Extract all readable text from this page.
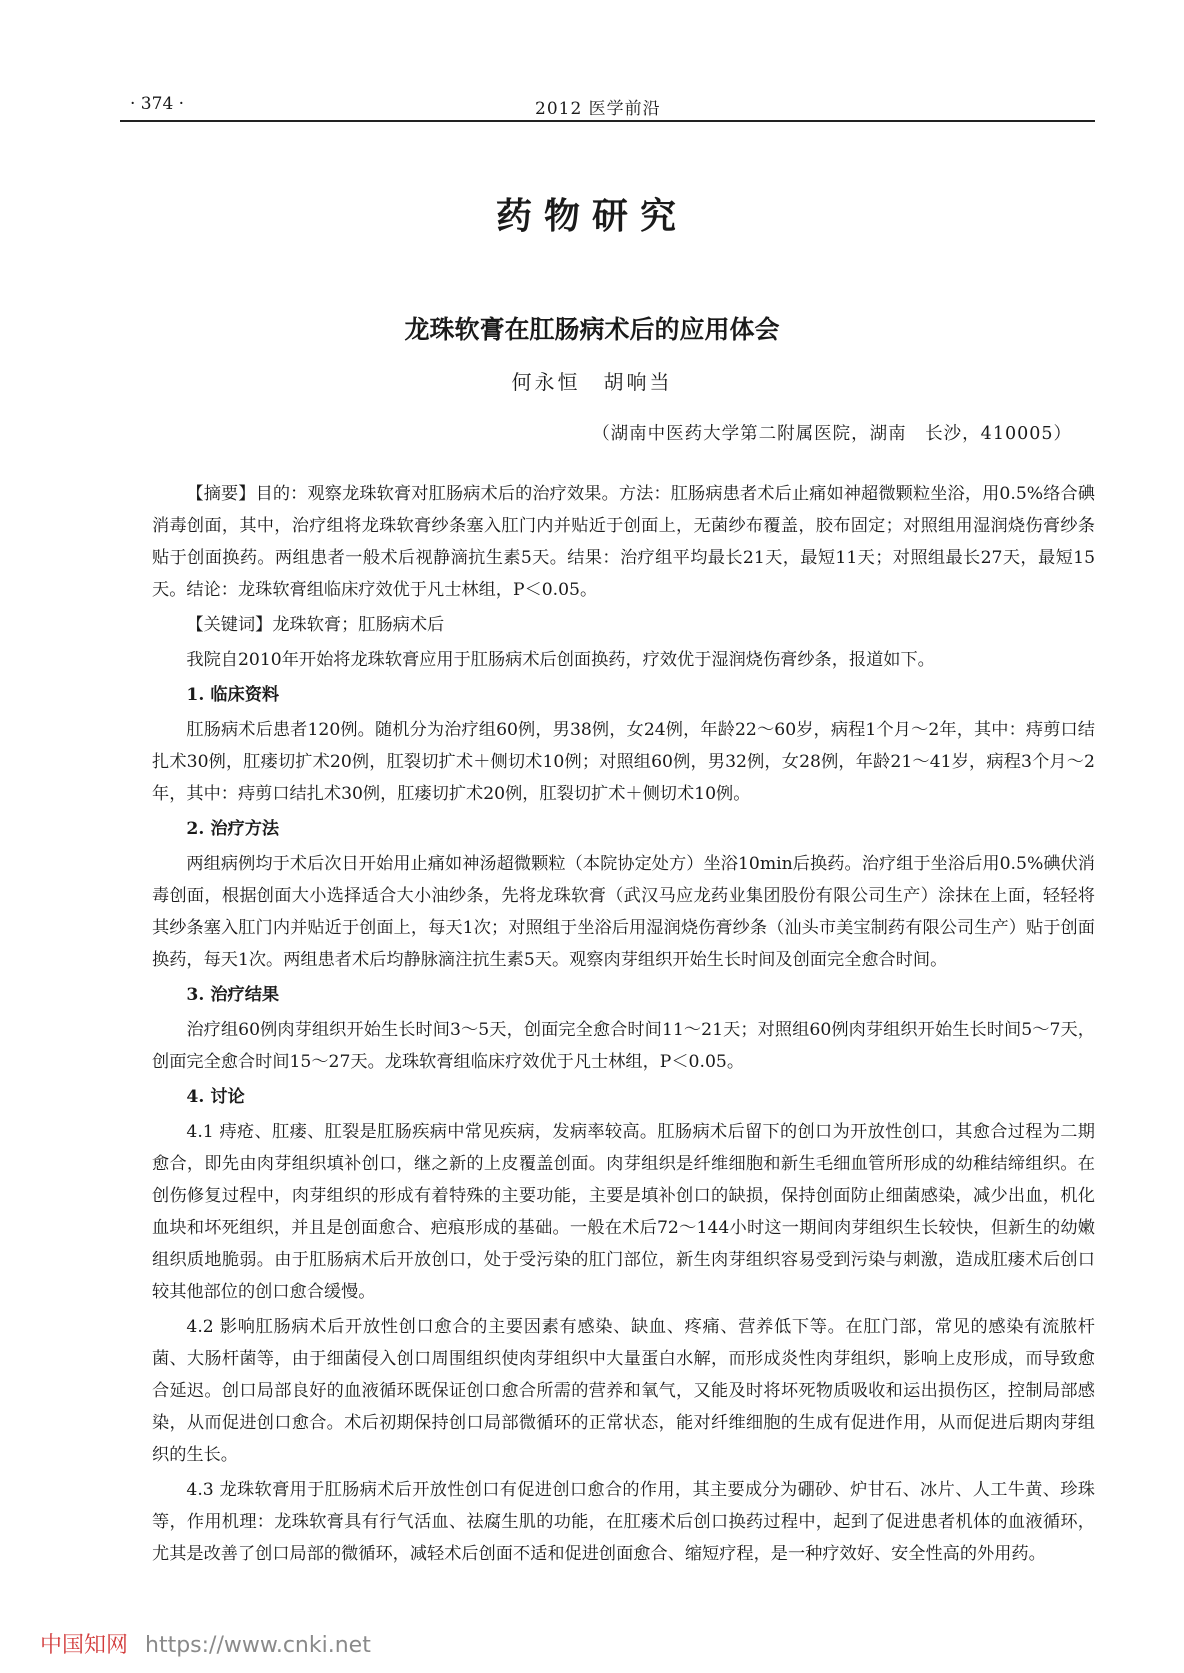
· 374 ·	2012 医学前沿
药物研究
龙珠软膏在肛肠病术后的应用体会
何永恒　胡响当
（湖南中医药大学第二附属医院，湖南　长沙，410005）

【摘要】目的：观察龙珠软膏对肛肠病术后的治疗效果。方法：肛肠病患者术后止痛如神超微颗粒坐浴，用0.5%络合碘消毒创面，其中，治疗组将龙珠软膏纱条塞入肛门内并贴近于创面上，无菌纱布覆盖，胶布固定；对照组用湿润烧伤膏纱条贴于创面换药。两组患者一般术后视静滴抗生素5天。结果：治疗组平均最长21天，最短11天；对照组最长27天，最短15天。结论：龙珠软膏组临床疗效优于凡士林组，P＜0.05。

【关键词】龙珠软膏；肛肠病术后

我院自2010年开始将龙珠软膏应用于肛肠病术后创面换药，疗效优于湿润烧伤膏纱条，报道如下。

1. 临床资料

肛肠病术后患者120例。随机分为治疗组60例，男38例，女24例，年龄22～60岁，病程1个月～2年，其中：痔剪口结扎术30例，肛瘘切扩术20例，肛裂切扩术＋侧切术10例；对照组60例，男32例，女28例，年龄21～41岁，病程3个月～2年，其中：痔剪口结扎术30例，肛瘘切扩术20例，肛裂切扩术＋侧切术10例。

2. 治疗方法

两组病例均于术后次日开始用止痛如神汤超微颗粒（本院协定处方）坐浴10min后换药。治疗组于坐浴后用0.5%碘伏消毒创面，根据创面大小选择适合大小油纱条，先将龙珠软膏（武汉马应龙药业集团股份有限公司生产）涂抹在上面，轻轻将其纱条塞入肛门内并贴近于创面上，每天1次；对照组于坐浴后用湿润烧伤膏纱条（汕头市美宝制药有限公司生产）贴于创面换药，每天1次。两组患者术后均静脉滴注抗生素5天。观察肉芽组织开始生长时间及创面完全愈合时间。

3. 治疗结果

治疗组60例肉芽组织开始生长时间3～5天，创面完全愈合时间11～21天；对照组60例肉芽组织开始生长时间5～7天，创面完全愈合时间15～27天。龙珠软膏组临床疗效优于凡士林组，P＜0.05。

4. 讨论

4.1 痔疮、肛瘘、肛裂是肛肠疾病中常见疾病，发病率较高。肛肠病术后留下的创口为开放性创口，其愈合过程为二期愈合，即先由肉芽组织填补创口，继之新的上皮覆盖创面。肉芽组织是纤维细胞和新生毛细血管所形成的幼稚结缔组织。在创伤修复过程中，肉芽组织的形成有着特殊的主要功能，主要是填补创口的缺损，保持创面防止细菌感染，减少出血，机化血块和坏死组织，并且是创面愈合、疤痕形成的基础。一般在术后72～144小时这一期间肉芽组织生长较快，但新生的幼嫩组织质地脆弱。由于肛肠病术后开放创口，处于受污染的肛门部位，新生肉芽组织容易受到污染与刺激，造成肛瘘术后创口较其他部位的创口愈合缓慢。

4.2 影响肛肠病术后开放性创口愈合的主要因素有感染、缺血、疼痛、营养低下等。在肛门部，常见的感染有流脓杆菌、大肠杆菌等，由于细菌侵入创口周围组织使肉芽组织中大量蛋白水解，而形成炎性肉芽组织，影响上皮形成，而导致愈合延迟。创口局部良好的血液循环既保证创口愈合所需的营养和氧气，又能及时将坏死物质吸收和运出损伤区，控制局部感染，从而促进创口愈合。术后初期保持创口局部微循环的正常状态，能对纤维细胞的生成有促进作用，从而促进后期肉芽组织的生长。

4.3 龙珠软膏用于肛肠病术后开放性创口有促进创口愈合的作用，其主要成分为硼砂、炉甘石、冰片、人工牛黄、珍珠等，作用机理：龙珠软膏具有行气活血、祛腐生肌的功能，在肛瘘术后创口换药过程中，起到了促进患者机体的血液循环，尤其是改善了创口局部的微循环，减轻术后创面不适和促进创面愈合、缩短疗程，是一种疗效好、安全性高的外用药。

中国知网 https://www.cnki.net
